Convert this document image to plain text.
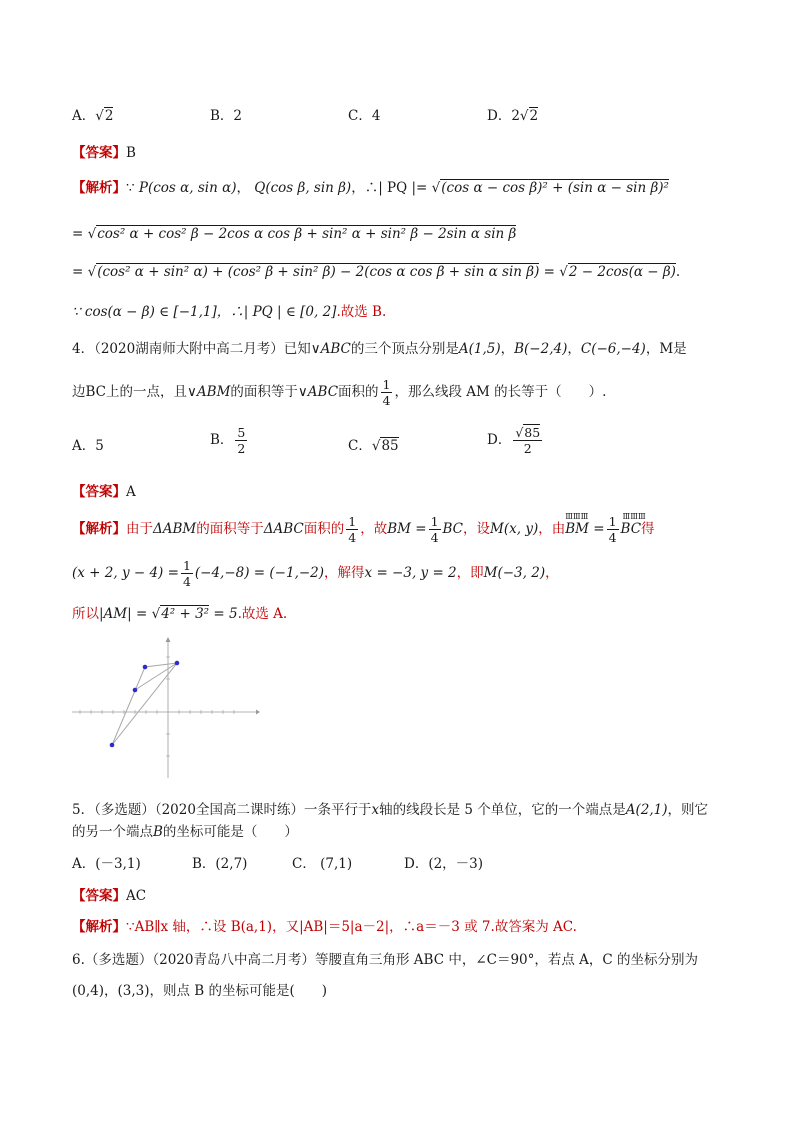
A．√2	B．2	C．4	D．2√2
【答案】B
【解析】∵ P(cos α, sin α)， Q(cos β, sin β)，∴| PQ |= √(cos α − cos β)² + (sin α − sin β)²
= √cos² α + cos² β − 2cos α cos β + sin² α + sin² β − 2sin α sin β
= √(cos² α + sin² α) + (cos² β + sin² β) − 2(cos α cos β + sin α sin β) = √2 − 2cos(α − β).
∵ cos(α − β) ∈ [−1,1]，∴| PQ | ∈ [0, 2].故选 B.
4．（2020湖南师大附中高二月考）已知∨ABC的三个顶点分别是A(1,5)，B(−2,4)，C(−6,−4)，M是
边BC上的一点，且∨ABM的面积等于∨ABC面积的 $\frac{1}{4}$ ，那么线段 AM 的长等于（　　）.
A．5	B． $\frac{5}{2}$	C．√85	D． $\frac{√85}{2}$
【答案】A
【解析】由于ΔABM的面积等于ΔABC面积的 $\frac{1}{4}$ ，故BM = $\frac{1}{4}$ BC，设M(x, y)，由
ⅢⅢⅢ
BM = $\frac{1}{4}$ ⅢⅢⅢ
BC得
(x + 2, $y - 4) = \frac{1}{4} (-4,-8) = (-1,-2)$，解得x = −3, y = 2，即M(−3, 2)，
所以|AM| = √4² + 3² = 5.故选 A.
5．（多选题）（2020全国高二课时练）一条平行于x轴的线段长是 5 个单位，它的一个端点是A(2,1)，则它
的另一个端点B的坐标可能是（　　）
A．(－3,1)	B．(2,7)	C． (7,1)	D．(2，－3)
【答案】AC
【解析】∵AB∥x 轴，∴设 B(a,1)，又|AB|＝5|a－2|，∴a＝－3 或 7.故答案为 AC.
6.（多选题）（2020青岛八中高二月考）等腰直角三角形 ABC 中，∠C＝90°，若点 A，C 的坐标分别为
(0,4)，(3,3)，则点 B 的坐标可能是(　　)
